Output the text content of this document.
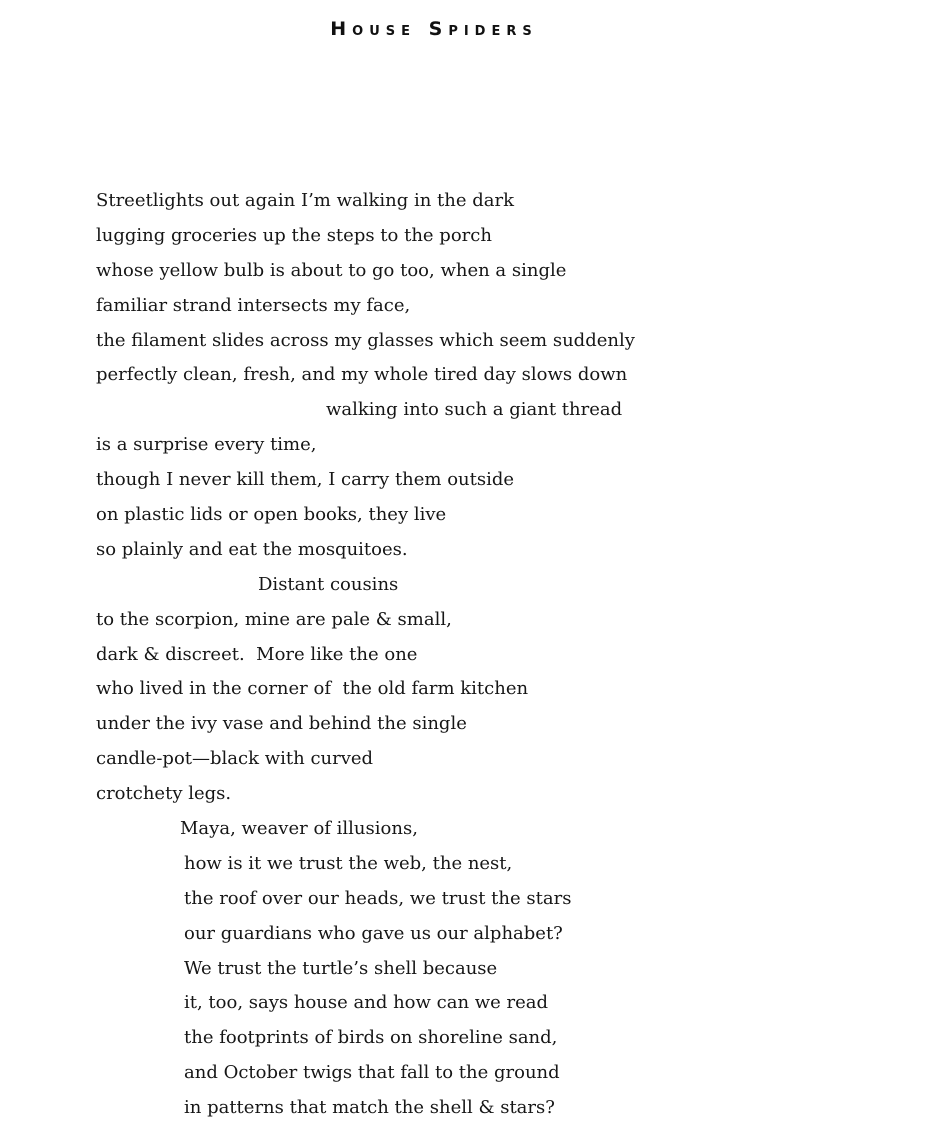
House Spiders
Streetlights out again I’m walking in the dark
lugging groceries up the steps to the porch
whose yellow bulb is about to go too, when a single
familiar strand intersects my face,
the filament slides across my glasses which seem suddenly
perfectly clean, fresh, and my whole tired day slows down
walking into such a giant thread
is a surprise every time,
though I never kill them, I carry them outside
on plastic lids or open books, they live
so plainly and eat the mosquitoes.
Distant cousins
to the scorpion, mine are pale & small,
dark & discreet.  More like the one
who lived in the corner of  the old farm kitchen
under the ivy vase and behind the single
candle-pot—black with curved
crotchety legs.
Maya, weaver of illusions,
how is it we trust the web, the nest,
the roof over our heads, we trust the stars
our guardians who gave us our alphabet?
We trust the turtle’s shell because
it, too, says house and how can we read
the footprints of birds on shoreline sand,
and October twigs that fall to the ground
in patterns that match the shell & stars?
